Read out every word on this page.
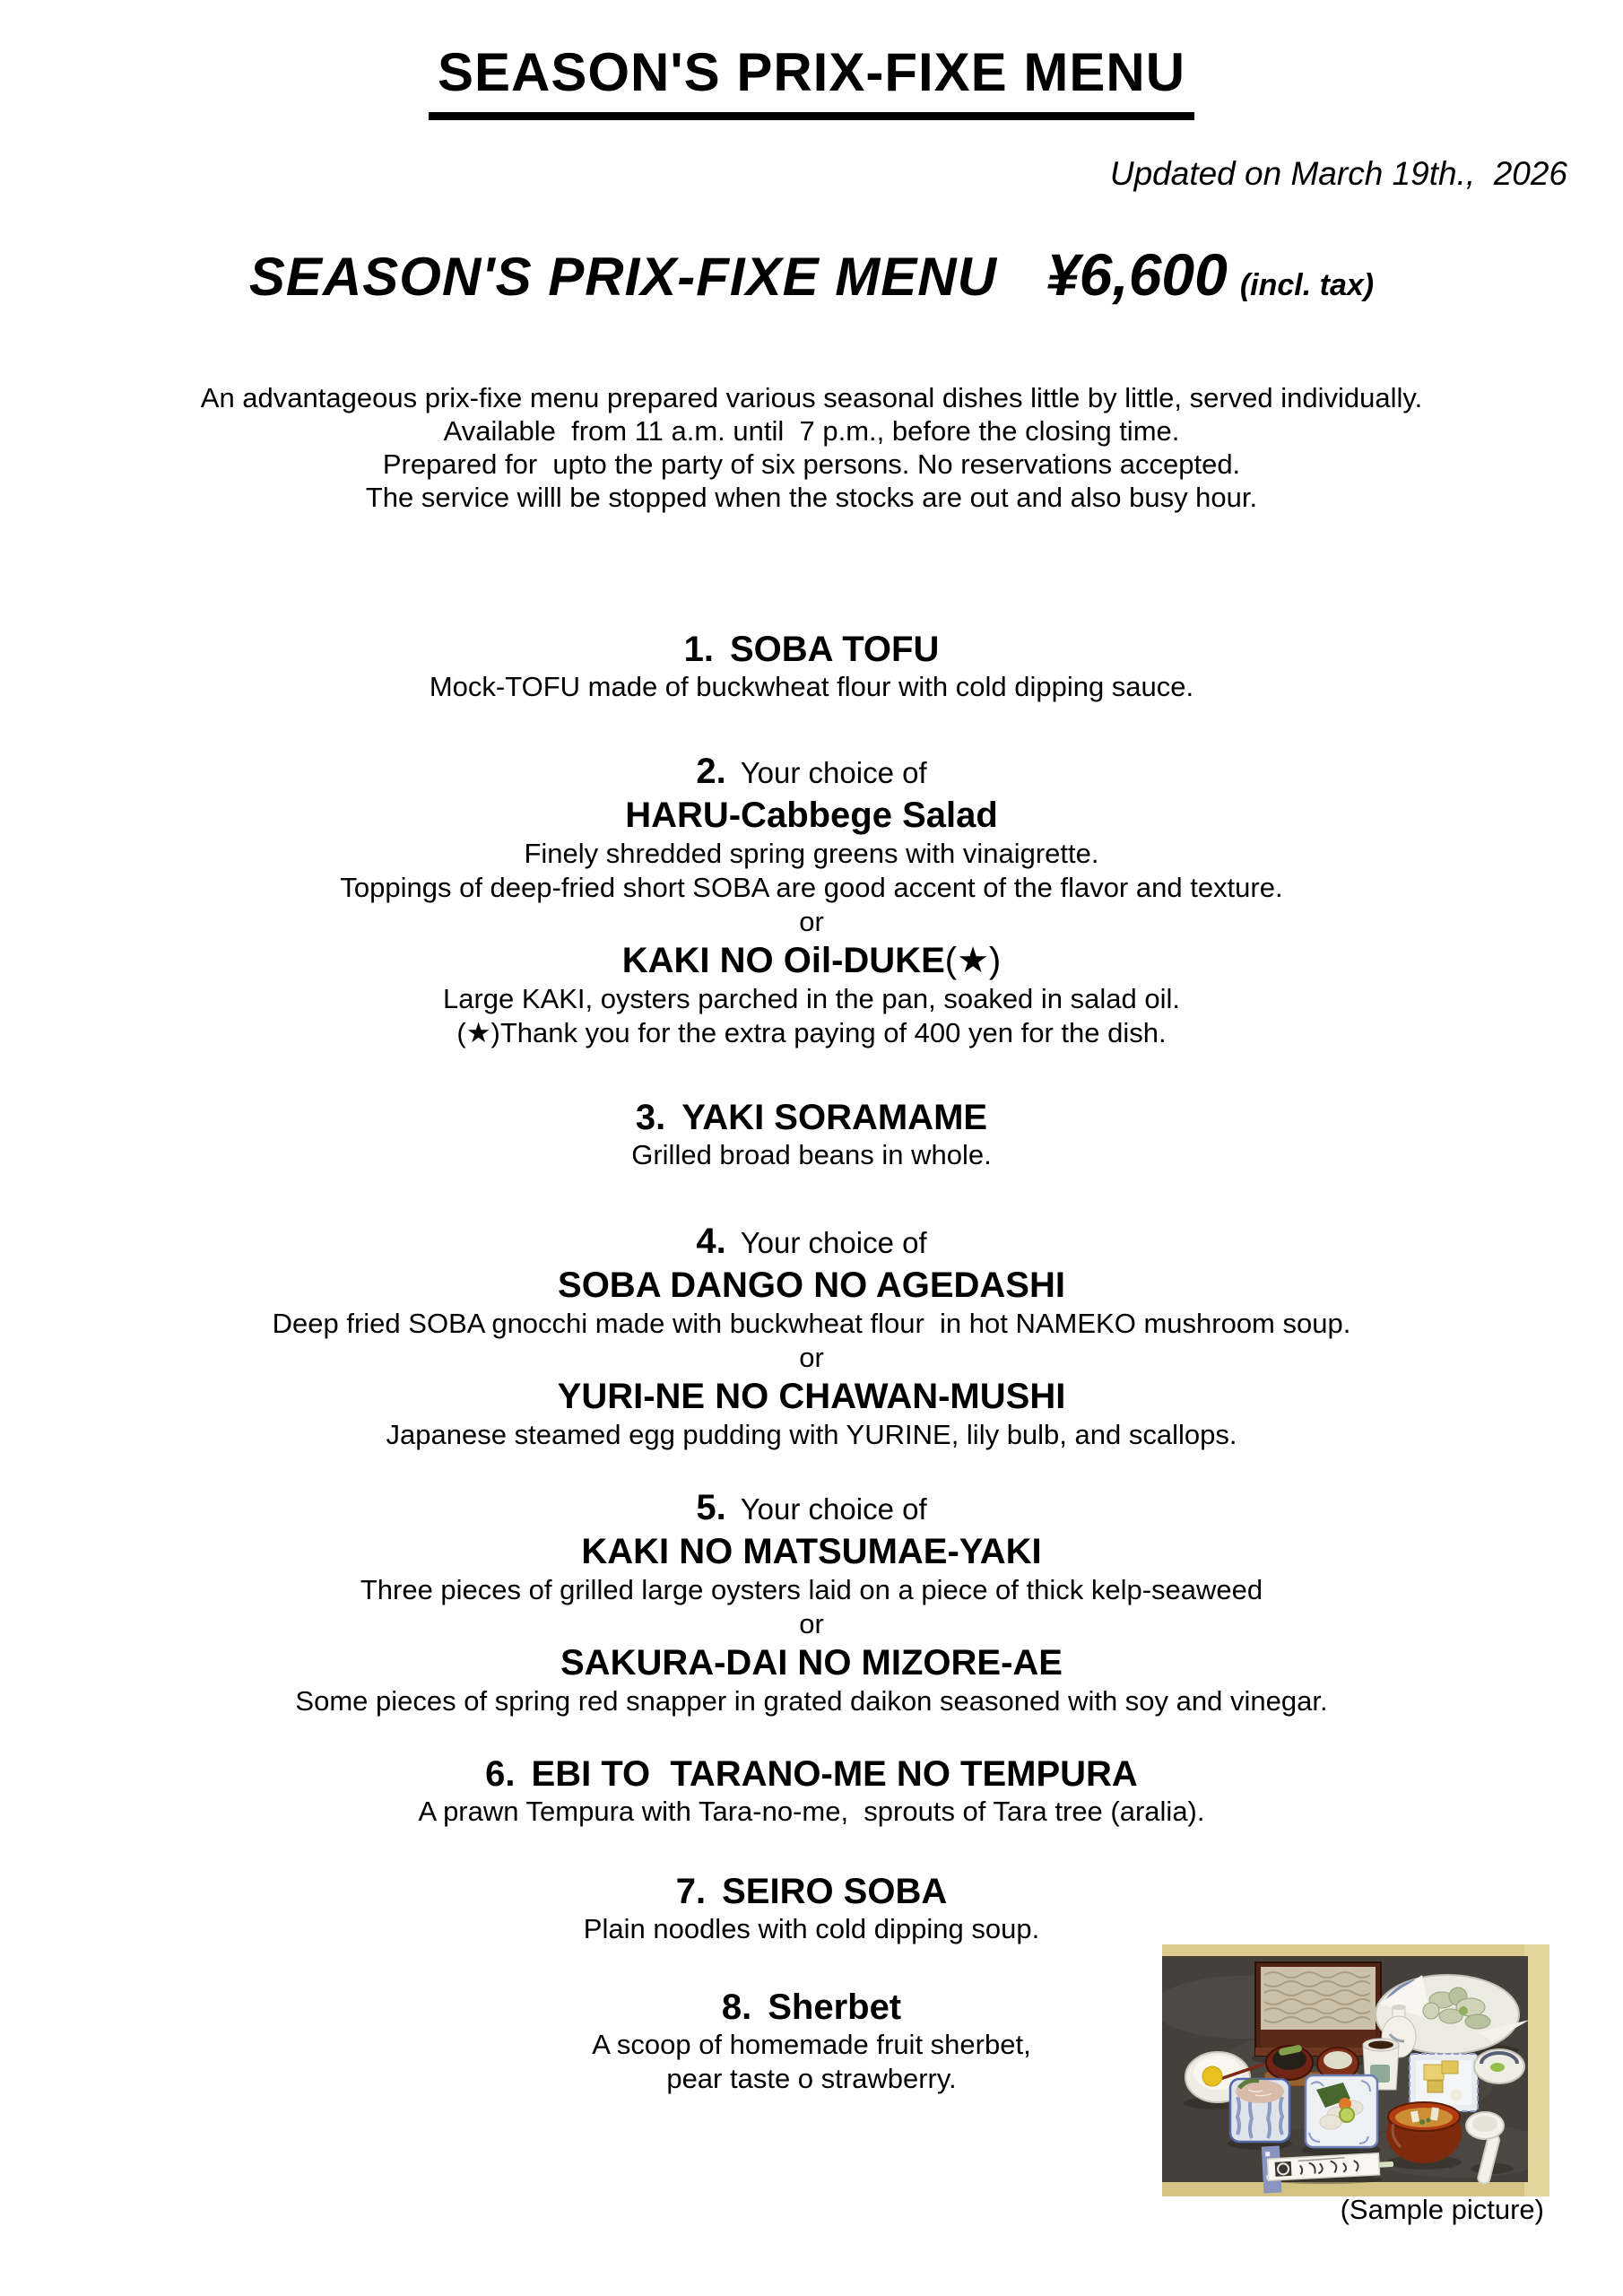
SEASON'S PRIX-FIXE MENU
Updated on March 19th.,  2026
SEASON'S PRIX-FIXE MENU ¥6,600 (incl. tax)
An advantageous prix-fixe menu prepared various seasonal dishes little by little, served individually.
Available  from 11 a.m. until  7 p.m., before the closing time.
Prepared for  upto the party of six persons. No reservations accepted.
The service willl be stopped when the stocks are out and also busy hour.
1. SOBA TOFU
Mock-TOFU made of buckwheat flour with cold dipping sauce.
2. Your choice of
HARU-Cabbege Salad
Finely shredded spring greens with vinaigrette.
Toppings of deep-fried short SOBA are good accent of the flavor and texture.
or
KAKI NO Oil-DUKE(★)
Large KAKI, oysters parched in the pan, soaked in salad oil.
(★)Thank you for the extra paying of 400 yen for the dish.
3. YAKI SORAMAME
Grilled broad beans in whole.
4. Your choice of
SOBA DANGO NO AGEDASHI
Deep fried SOBA gnocchi made with buckwheat flour  in hot NAMEKO mushroom soup.
or
YURI-NE NO CHAWAN-MUSHI
Japanese steamed egg pudding with YURINE, lily bulb, and scallops.
5. Your choice of
KAKI NO MATSUMAE-YAKI
Three pieces of grilled large oysters laid on a piece of thick kelp-seaweed
or
SAKURA-DAI NO MIZORE-AE
Some pieces of spring red snapper in grated daikon seasoned with soy and vinegar.
6. EBI TO  TARANO-ME NO TEMPURA
A prawn Tempura with Tara-no-me,  sprouts of Tara tree (aralia).
7. SEIRO SOBA
Plain noodles with cold dipping soup.
8. Sherbet
A scoop of homemade fruit sherbet,
pear taste o strawberry.
(Sample picture)
